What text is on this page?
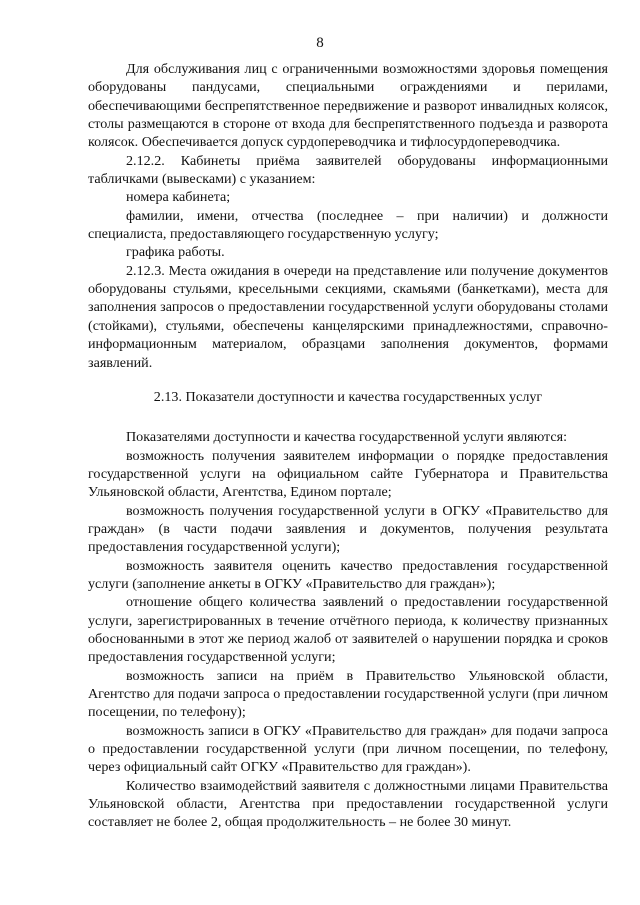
8

Для обслуживания лиц с ограниченными возможностями здоровья помещения оборудованы пандусами, специальными ограждениями и перилами, обеспечивающими беспрепятственное передвижение и разворот инвалидных колясок, столы размещаются в стороне от входа для беспрепятственного подъезда и разворота колясок. Обеспечивается допуск сурдопереводчика и тифлосурдопереводчика.

2.12.2. Кабинеты приёма заявителей оборудованы информационными табличками (вывесками) с указанием:

номера кабинета;

фамилии, имени, отчества (последнее – при наличии) и должности специалиста, предоставляющего государственную услугу;

графика работы.

2.12.3. Места ожидания в очереди на представление или получение документов оборудованы стульями, кресельными секциями, скамьями (банкетками), места для заполнения запросов о предоставлении государственной услуги оборудованы столами (стойками), стульями, обеспечены канцелярскими принадлежностями, справочно-информационным материалом, образцами заполнения документов, формами заявлений.

2.13. Показатели доступности и качества государственных услуг

Показателями доступности и качества государственной услуги являются:

возможность получения заявителем информации о порядке предоставления государственной услуги на официальном сайте Губернатора и Правительства Ульяновской области, Агентства, Едином портале;

возможность получения государственной услуги в ОГКУ «Правительство для граждан» (в части подачи заявления и документов, получения результата предоставления государственной услуги);

возможность заявителя оценить качество предоставления государственной услуги (заполнение анкеты в ОГКУ «Правительство для граждан»);

отношение общего количества заявлений о предоставлении государственной услуги, зарегистрированных в течение отчётного периода, к количеству признанных обоснованными в этот же период жалоб от заявителей о нарушении порядка и сроков предоставления государственной услуги;

возможность записи на приём в Правительство Ульяновской области, Агентство для подачи запроса о предоставлении государственной услуги (при личном посещении, по телефону);

возможность записи в ОГКУ «Правительство для граждан» для подачи запроса о предоставлении государственной услуги (при личном посещении, по телефону, через официальный сайт ОГКУ «Правительство для граждан»).

Количество взаимодействий заявителя с должностными лицами Правительства Ульяновской области, Агентства при предоставлении государственной услуги составляет не более 2, общая продолжительность – не более 30 минут.
